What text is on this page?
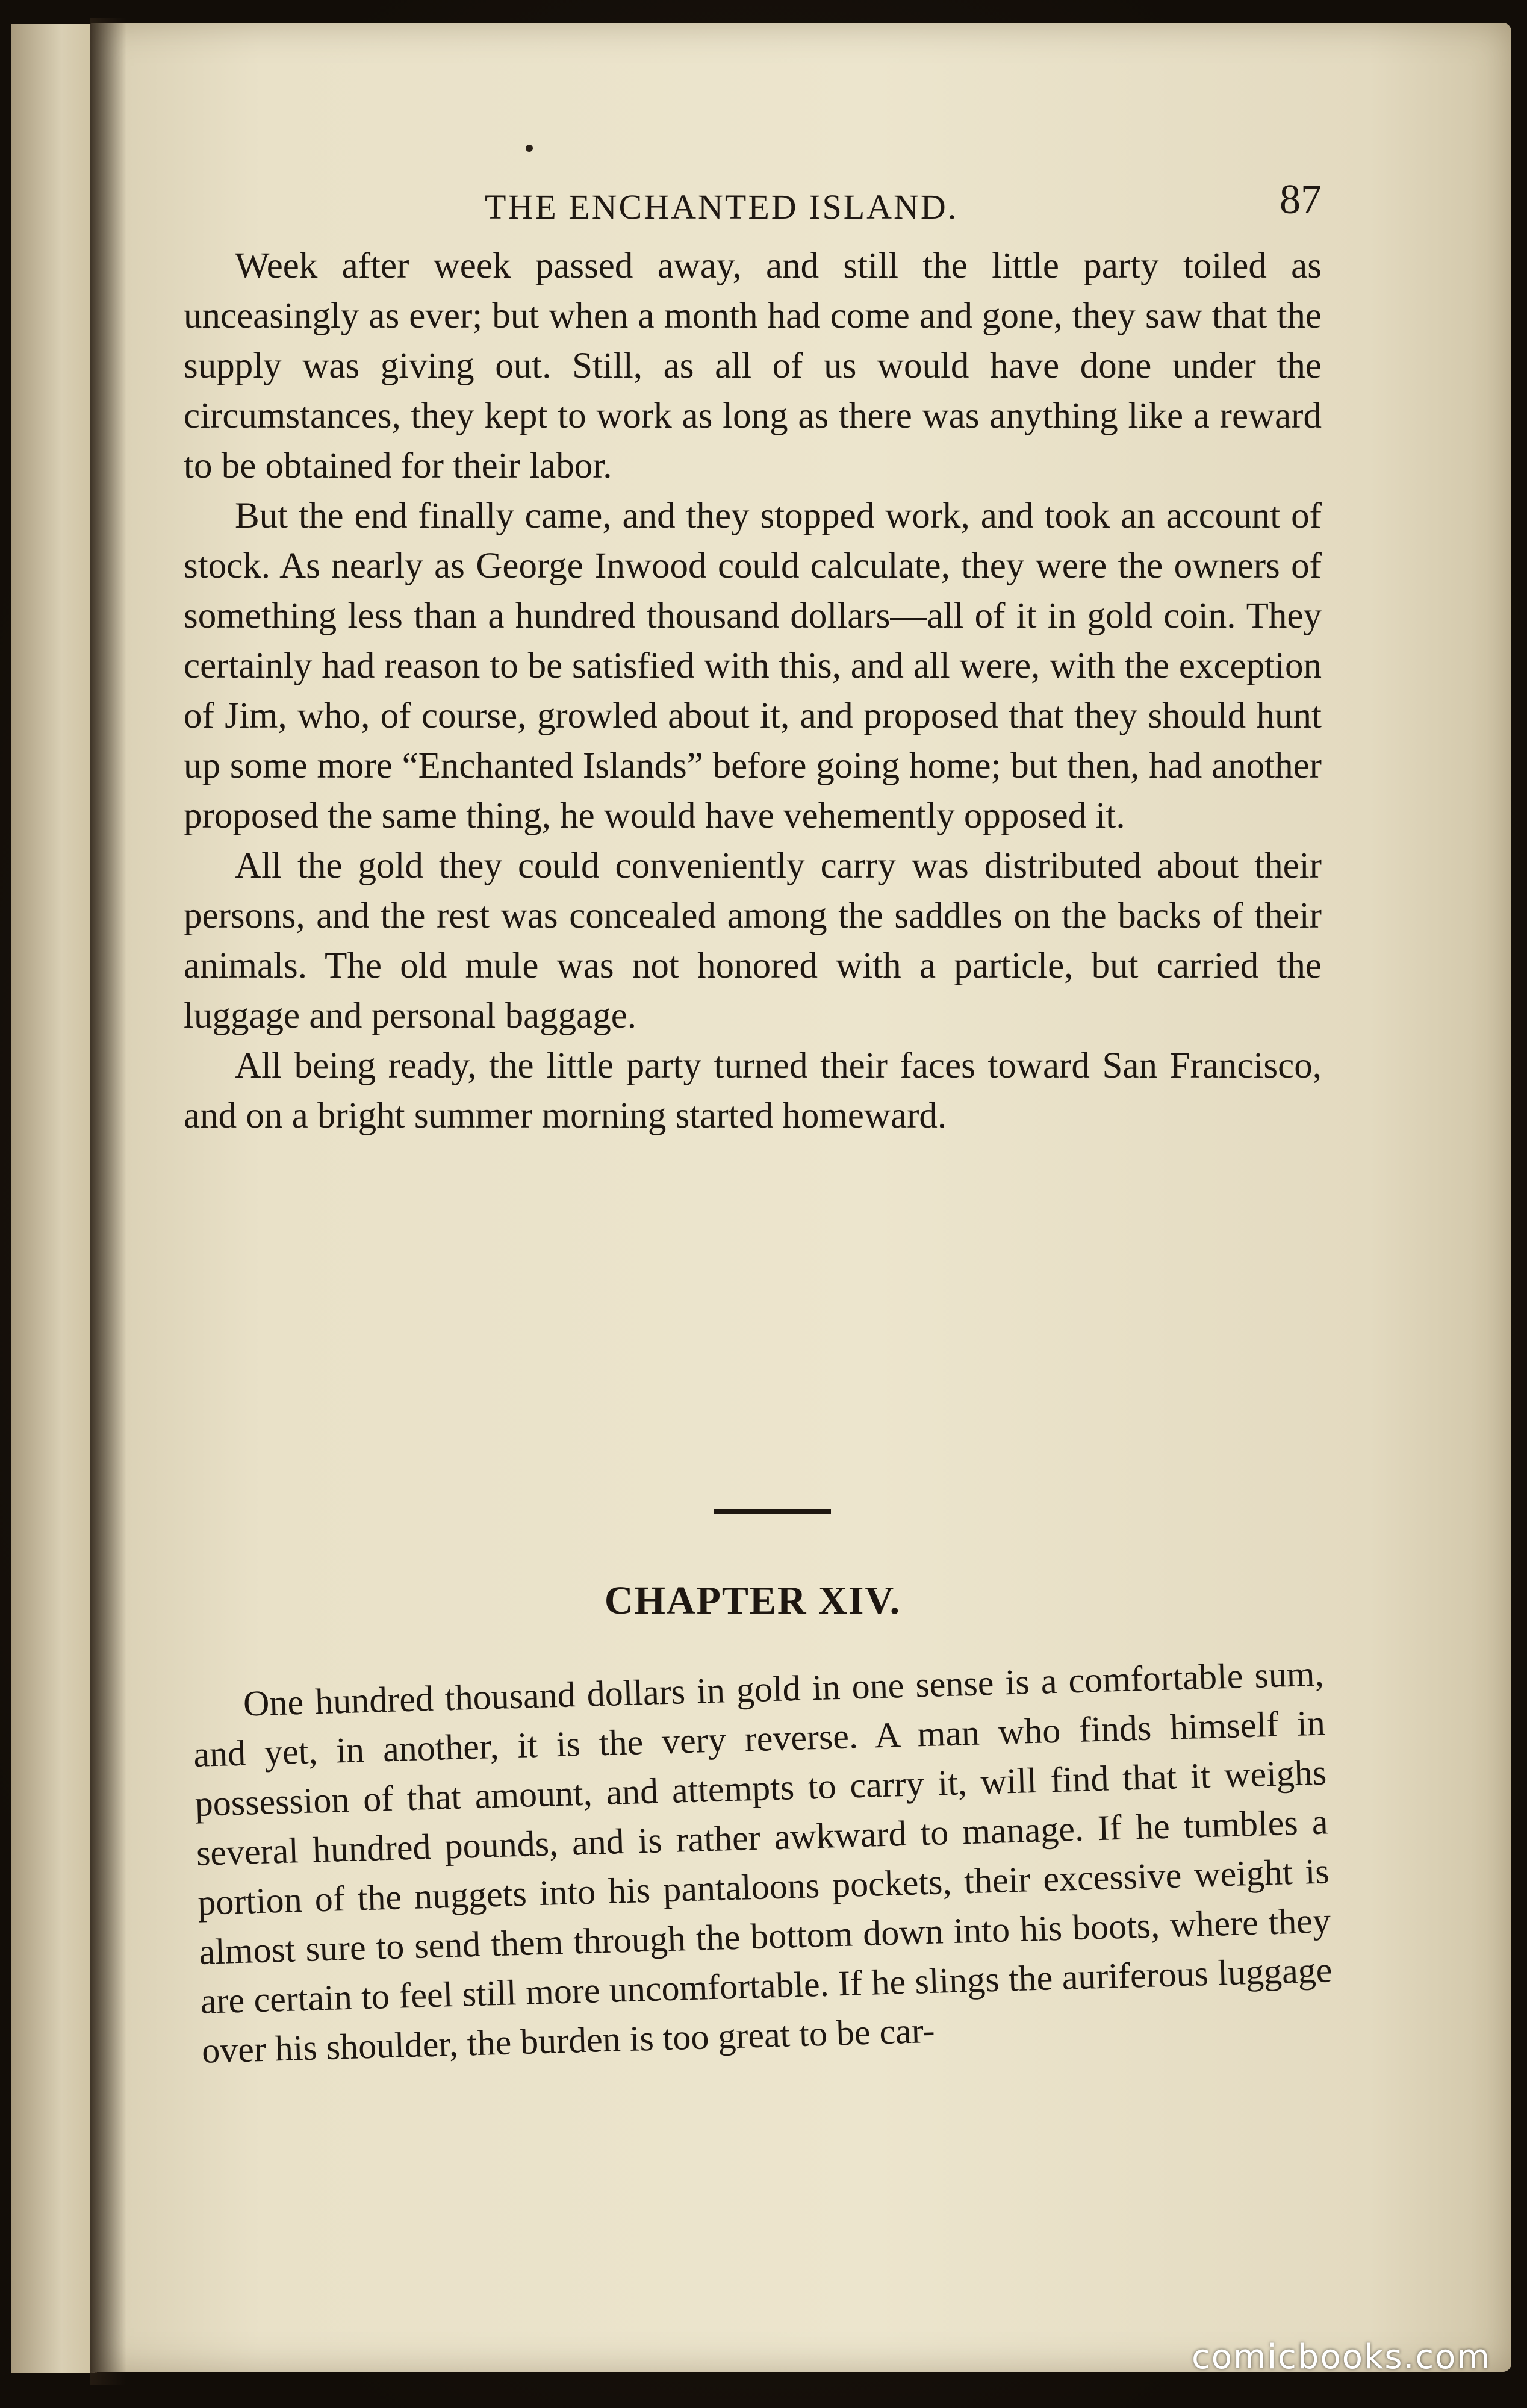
THE ENCHANTED ISLAND.	87

Week after week passed away, and still the little party toiled as unceasingly as ever; but when a month had come and gone, they saw that the supply was giving out. Still, as all of us would have done under the circumstances, they kept to work as long as there was anything like a reward to be obtained for their labor.

But the end finally came, and they stopped work, and took an account of stock. As nearly as George Inwood could calculate, they were the owners of something less than a hundred thousand dollars—all of it in gold coin. They certainly had reason to be satisfied with this, and all were, with the exception of Jim, who, of course, growled about it, and proposed that they should hunt up some more “Enchanted Islands” before going home; but then, had another proposed the same thing, he would have vehemently opposed it.

All the gold they could conveniently carry was distributed about their persons, and the rest was concealed among the saddles on the backs of their animals. The old mule was not honored with a particle, but carried the luggage and personal baggage.

All being ready, the little party turned their faces toward San Francisco, and on a bright summer morning started homeward.

CHAPTER XIV.

One hundred thousand dollars in gold in one sense is a comfortable sum, and yet, in another, it is the very reverse. A man who finds himself in possession of that amount, and attempts to carry it, will find that it weighs several hundred pounds, and is rather awkward to manage. If he tumbles a portion of the nuggets into his pantaloons pockets, their excessive weight is almost sure to send them through the bottom down into his boots, where they are certain to feel still more uncomfortable. If he slings the auriferous luggage over his shoulder, the burden is too great to be car-

comicbooks.com
